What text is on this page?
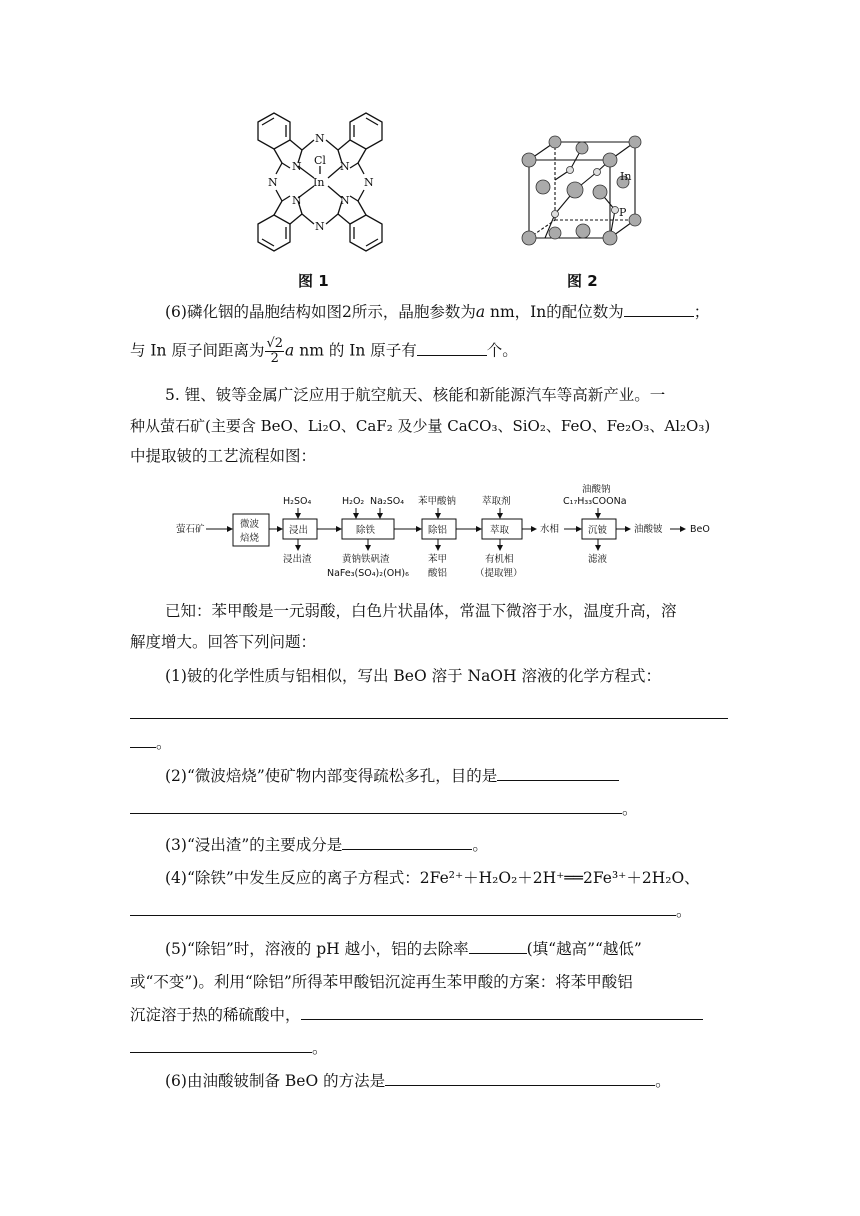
N
N
N	N
N	N
N	N
Cl
In
图 1
In
P
图 2
(6)磷化铟的晶胞结构如图2所示，晶胞参数为a nm，In的配位数为	；
与 In 原子间距离为 $\frac{√2}{2}$ a nm 的 In 原子有	个。
5. 锂、铍等金属广泛应用于航空航天、核能和新能源汽车等高新产业。一
种从萤石矿(主要含 BeO、Li₂O、CaF₂ 及少量 CaCO₃、SiO₂、FeO、Fe₂O₃、Al₂O₃)
中提取铍的工艺流程如图：
萤石矿	微波
焙烧
浸出	除铁	除铝	萃取	沉铍
H₂SO₄	H₂O₂ Na₂SO₄ 苯甲酸钠	萃取剂
油酸钠
C₁₇H₃₃COONa
浸出渣	黄钠铁矾渣
NaFe₃(SO₄)₂(OH)₆
苯甲
酸铝
有机相
（提取锂）
滤液
水相	油酸铍	BeO
已知：苯甲酸是一元弱酸，白色片状晶体，常温下微溶于水，温度升高，溶
解度增大。回答下列问题：
(1)铍的化学性质与铝相似，写出 BeO 溶于 NaOH 溶液的化学方程式：
。
(2)“微波焙烧”使矿物内部变得疏松多孔，目的是
。
(3)“浸出渣”的主要成分是	。
(4)“除铁”中发生反应的离子方程式：2Fe²⁺＋H₂O₂＋2H⁺══2Fe³⁺＋2H₂O、
。
(5)“除铝”时，溶液的 pH 越小，铝的去除率	(填“越高”“越低”
或“不变”)。利用“除铝”所得苯甲酸铝沉淀再生苯甲酸的方案：将苯甲酸铝
沉淀溶于热的稀硫酸中，
。
(6)由油酸铍制备 BeO 的方法是	。
